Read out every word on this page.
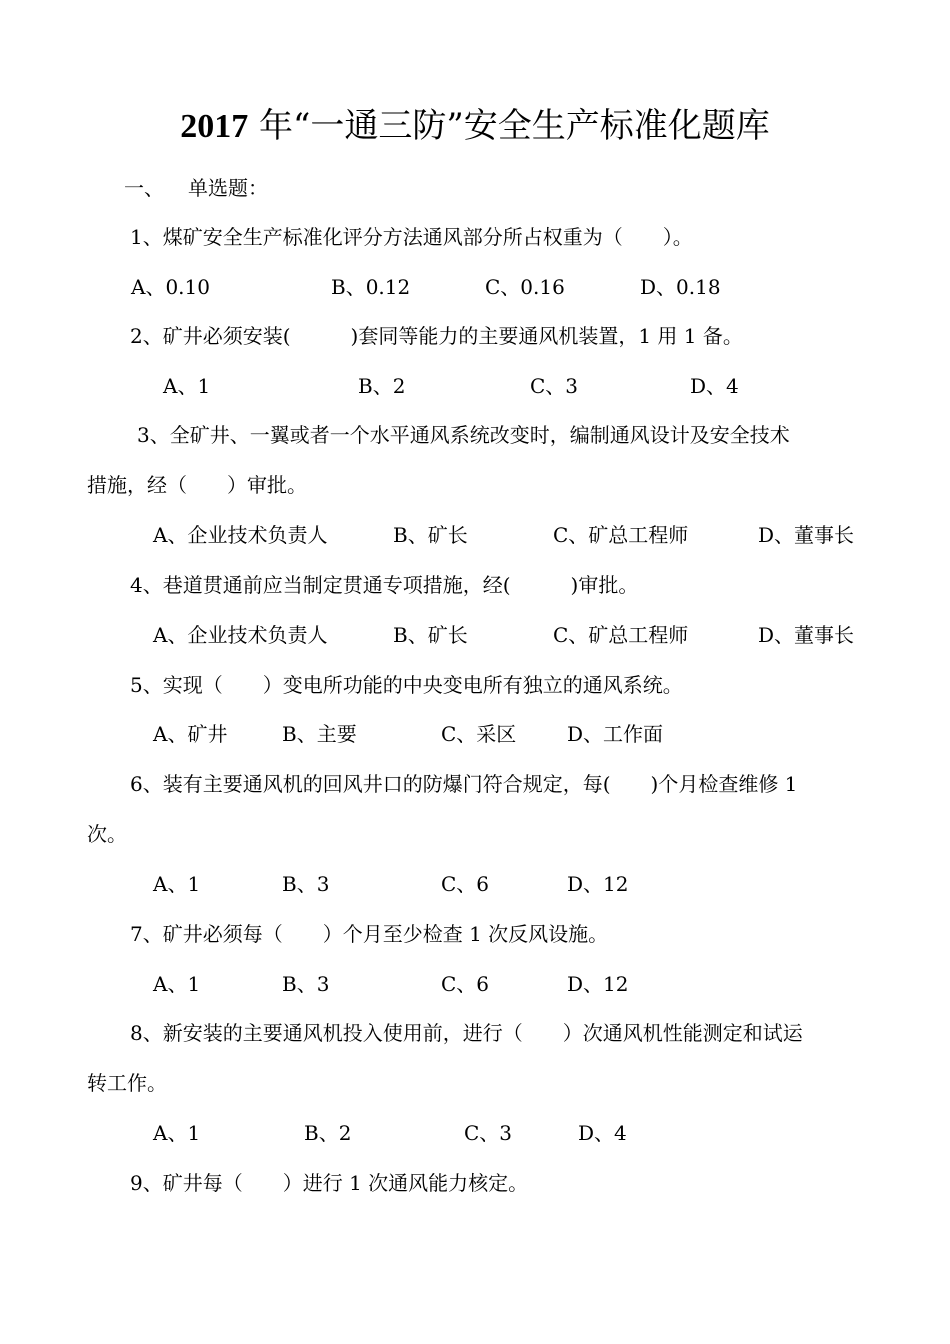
2017 年“一通三防”安全生产标准化题库
一、 单选题：
1、煤矿安全生产标准化评分方法通风部分所占权重为（　　）。
A、0.10	B、0.12	C、0.16	D、0.18
2、矿井必须安装(　　　)套同等能力的主要通风机装置，1 用 1 备。
A、1	B、2	C、3	D、4
3、全矿井、一翼或者一个水平通风系统改变时，编制通风设计及安全技术
措施，经（　　）审批。
A、企业技术负责人	B、矿长	C、矿总工程师	D、董事长
4、巷道贯通前应当制定贯通专项措施，经(　　　)审批。
A、企业技术负责人	B、矿长	C、矿总工程师	D、董事长
5、实现（　　）变电所功能的中央变电所有独立的通风系统。
A、矿井	B、主要	C、采区	D、工作面
6、装有主要通风机的回风井口的防爆门符合规定，每(　　)个月检查维修 1
次。
A、1	B、3	C、6	D、12
7、矿井必须每（　　）个月至少检查 1 次反风设施。
A、1	B、3	C、6	D、12
8、新安装的主要通风机投入使用前，进行（　　）次通风机性能测定和试运
转工作。
A、1	B、2	C、3	D、4
9、矿井每（　　）进行 1 次通风能力核定。
